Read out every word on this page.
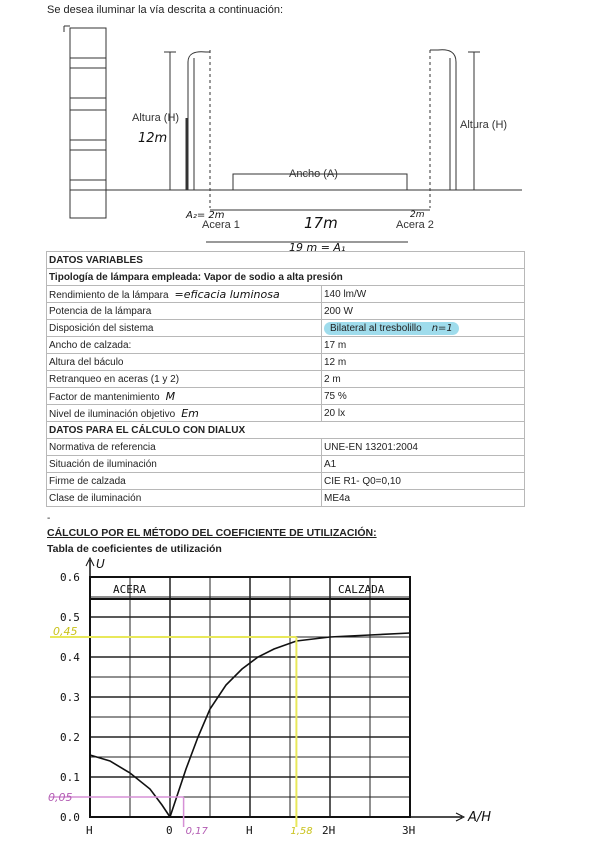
Se desea iluminar la vía descrita a continuación:
Altura (H)
12m
Altura (H)
Ancho (A)
Acera 1	Acera 2
A₂= 2m	17m	2m
19 m = A₁
DATOS VARIABLES	
Tipología de lámpara empleada: Vapor de sodio a alta presión	
Rendimiento de la lámpara =eficacia luminosa	140 lm/W
Potencia de la lámpara	200 W
Disposición del sistema	Bilateral al tresbolillo n=1
Ancho de calzada:	17 m
Altura del báculo	12 m
Retranqueo en aceras (1 y 2)	2 m
Factor de mantenimiento M	75 %
Nivel de iluminación objetivo Em	20 lx
DATOS PARA EL CÁLCULO CON DIALUX	
Normativa de referencia	UNE-EN 13201:2004
Situación de iluminación	A1
Firme de calzada	CIE R1- Q0=0,10
Clase de iluminación	ME4a
-
CÁLCULO POR EL MÉTODO DEL COEFICIENTE DE UTILIZACIÓN:
Tabla de coeficientes de utilización
ACERA	CALZADA
0.6
0.5
0.4
0.3
0.2
0.1
0.0
H	0	H	2H	3H
U
A/H
0,45
1,58
0,05
0,17
